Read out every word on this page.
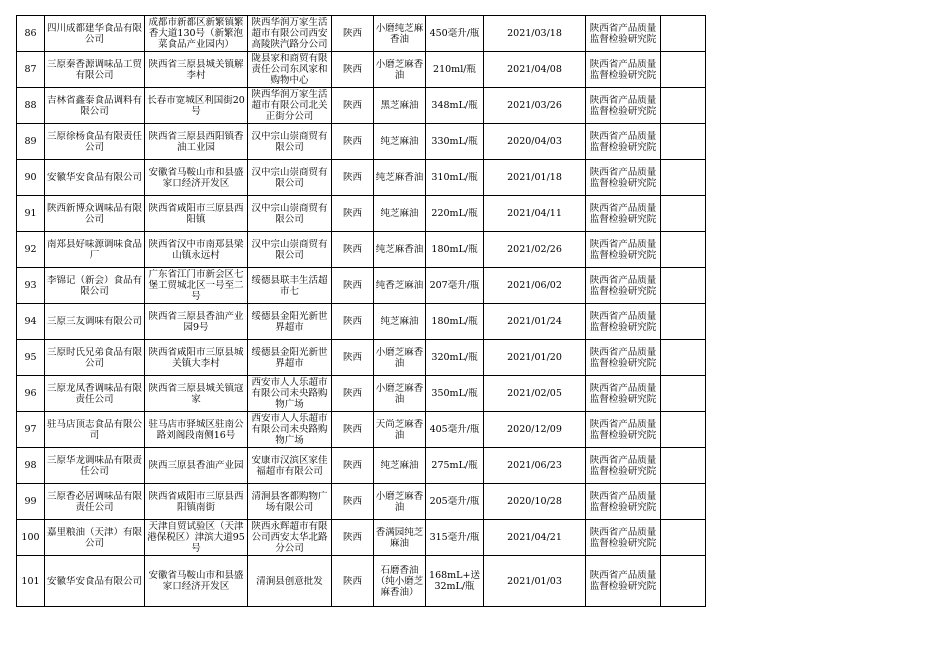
86	四川成都建华食品有限公司	成都市新都区新繁镇繁香大道130号（新繁泡菜食品产业园内）	陕西华润万家生活超市有限公司西安高陵陕汽路分公司	陕西	小磨纯芝麻香油	450毫升/瓶	2021/03/18	陕西省产品质量监督检验研究院	

87	三原秦香源调味品工贸有限公司	陕西省三原县城关镇解李村	陇县家和商贸有限责任公司东风家和购物中心	陕西	小磨芝麻香油	210ml/瓶	2021/04/08	陕西省产品质量监督检验研究院	

88	吉林省鑫泰食品调料有限公司	长春市宽城区利国街20号	陕西华润万家生活超市有限公司北关正街分公司	陕西	黑芝麻油	348mL/瓶	2021/03/26	陕西省产品质量监督检验研究院	

89	三原徐杨食品有限责任公司	陕西省三原县西阳镇香油工业园	汉中宗山崇商贸有限公司	陕西	纯芝麻油	330mL/瓶	2020/04/03	陕西省产品质量监督检验研究院	

90	安徽华安食品有限公司	安徽省马鞍山市和县盛家口经济开发区	汉中宗山崇商贸有限公司	陕西	纯芝麻香油	310mL/瓶	2021/01/18	陕西省产品质量监督检验研究院	

91	陕西新博众调味品有限公司	陕西省咸阳市三原县西阳镇	汉中宗山崇商贸有限公司	陕西	纯芝麻油	220mL/瓶	2021/04/11	陕西省产品质量监督检验研究院	

92	南郑县好味源调味食品厂	陕西省汉中市南郑县梁山镇永远村	汉中宗山崇商贸有限公司	陕西	纯芝麻香油	180mL/瓶	2021/02/26	陕西省产品质量监督检验研究院	

93	李锦记（新会）食品有限公司	广东省江门市新会区七堡工贸城北区一号至二号	绥德县联丰生活超市七	陕西	纯香芝麻油	207毫升/瓶	2021/06/02	陕西省产品质量监督检验研究院	

94	三原三友调味有限公司	陕西省三原县香油产业园9号	绥德县金阳光新世界超市	陕西	纯芝麻油	180mL/瓶	2021/01/24	陕西省产品质量监督检验研究院	

95	三原时氏兄弟食品有限公司	陕西省咸阳市三原县城关镇大李村	绥德县金阳光新世界超市	陕西	小磨芝麻香油	320mL/瓶	2021/01/20	陕西省产品质量监督检验研究院	

96	三原龙凤香调味品有限责任公司	陕西省三原县城关镇寇家	西安市人人乐超市有限公司未央路购物广场	陕西	小磨芝麻香油	350mL/瓶	2021/02/05	陕西省产品质量监督检验研究院	

97	驻马店顶志食品有限公司	驻马店市驿城区驻南公路刘阁段南侧16号	西安市人人乐超市有限公司未央路购物广场	陕西	天尚芝麻香油	405毫升/瓶	2020/12/09	陕西省产品质量监督检验研究院	

98	三原华龙调味品有限责任公司	陕西三原县香油产业园	安康市汉滨区家佳福超市有限公司	陕西	纯芝麻油	275mL/瓶	2021/06/23	陕西省产品质量监督检验研究院	

99	三原香必居调味品有限责任公司	陕西省咸阳市三原县西阳镇南街	清涧县客都购物广场有限公司	陕西	小磨芝麻香油	205毫升/瓶	2020/10/28	陕西省产品质量监督检验研究院	

100	嘉里粮油（天津）有限公司	天津自贸试验区（天津港保税区）津滨大道95号	陕西永辉超市有限公司西安太华北路分公司	陕西	香满园纯芝麻油	315毫升/瓶	2021/04/21	陕西省产品质量监督检验研究院	

101	安徽华安食品有限公司	安徽省马鞍山市和县盛家口经济开发区	清涧县创意批发	陕西	石磨香油（纯小磨芝麻香油）	168mL+送32mL/瓶	2021/01/03	陕西省产品质量监督检验研究院	
